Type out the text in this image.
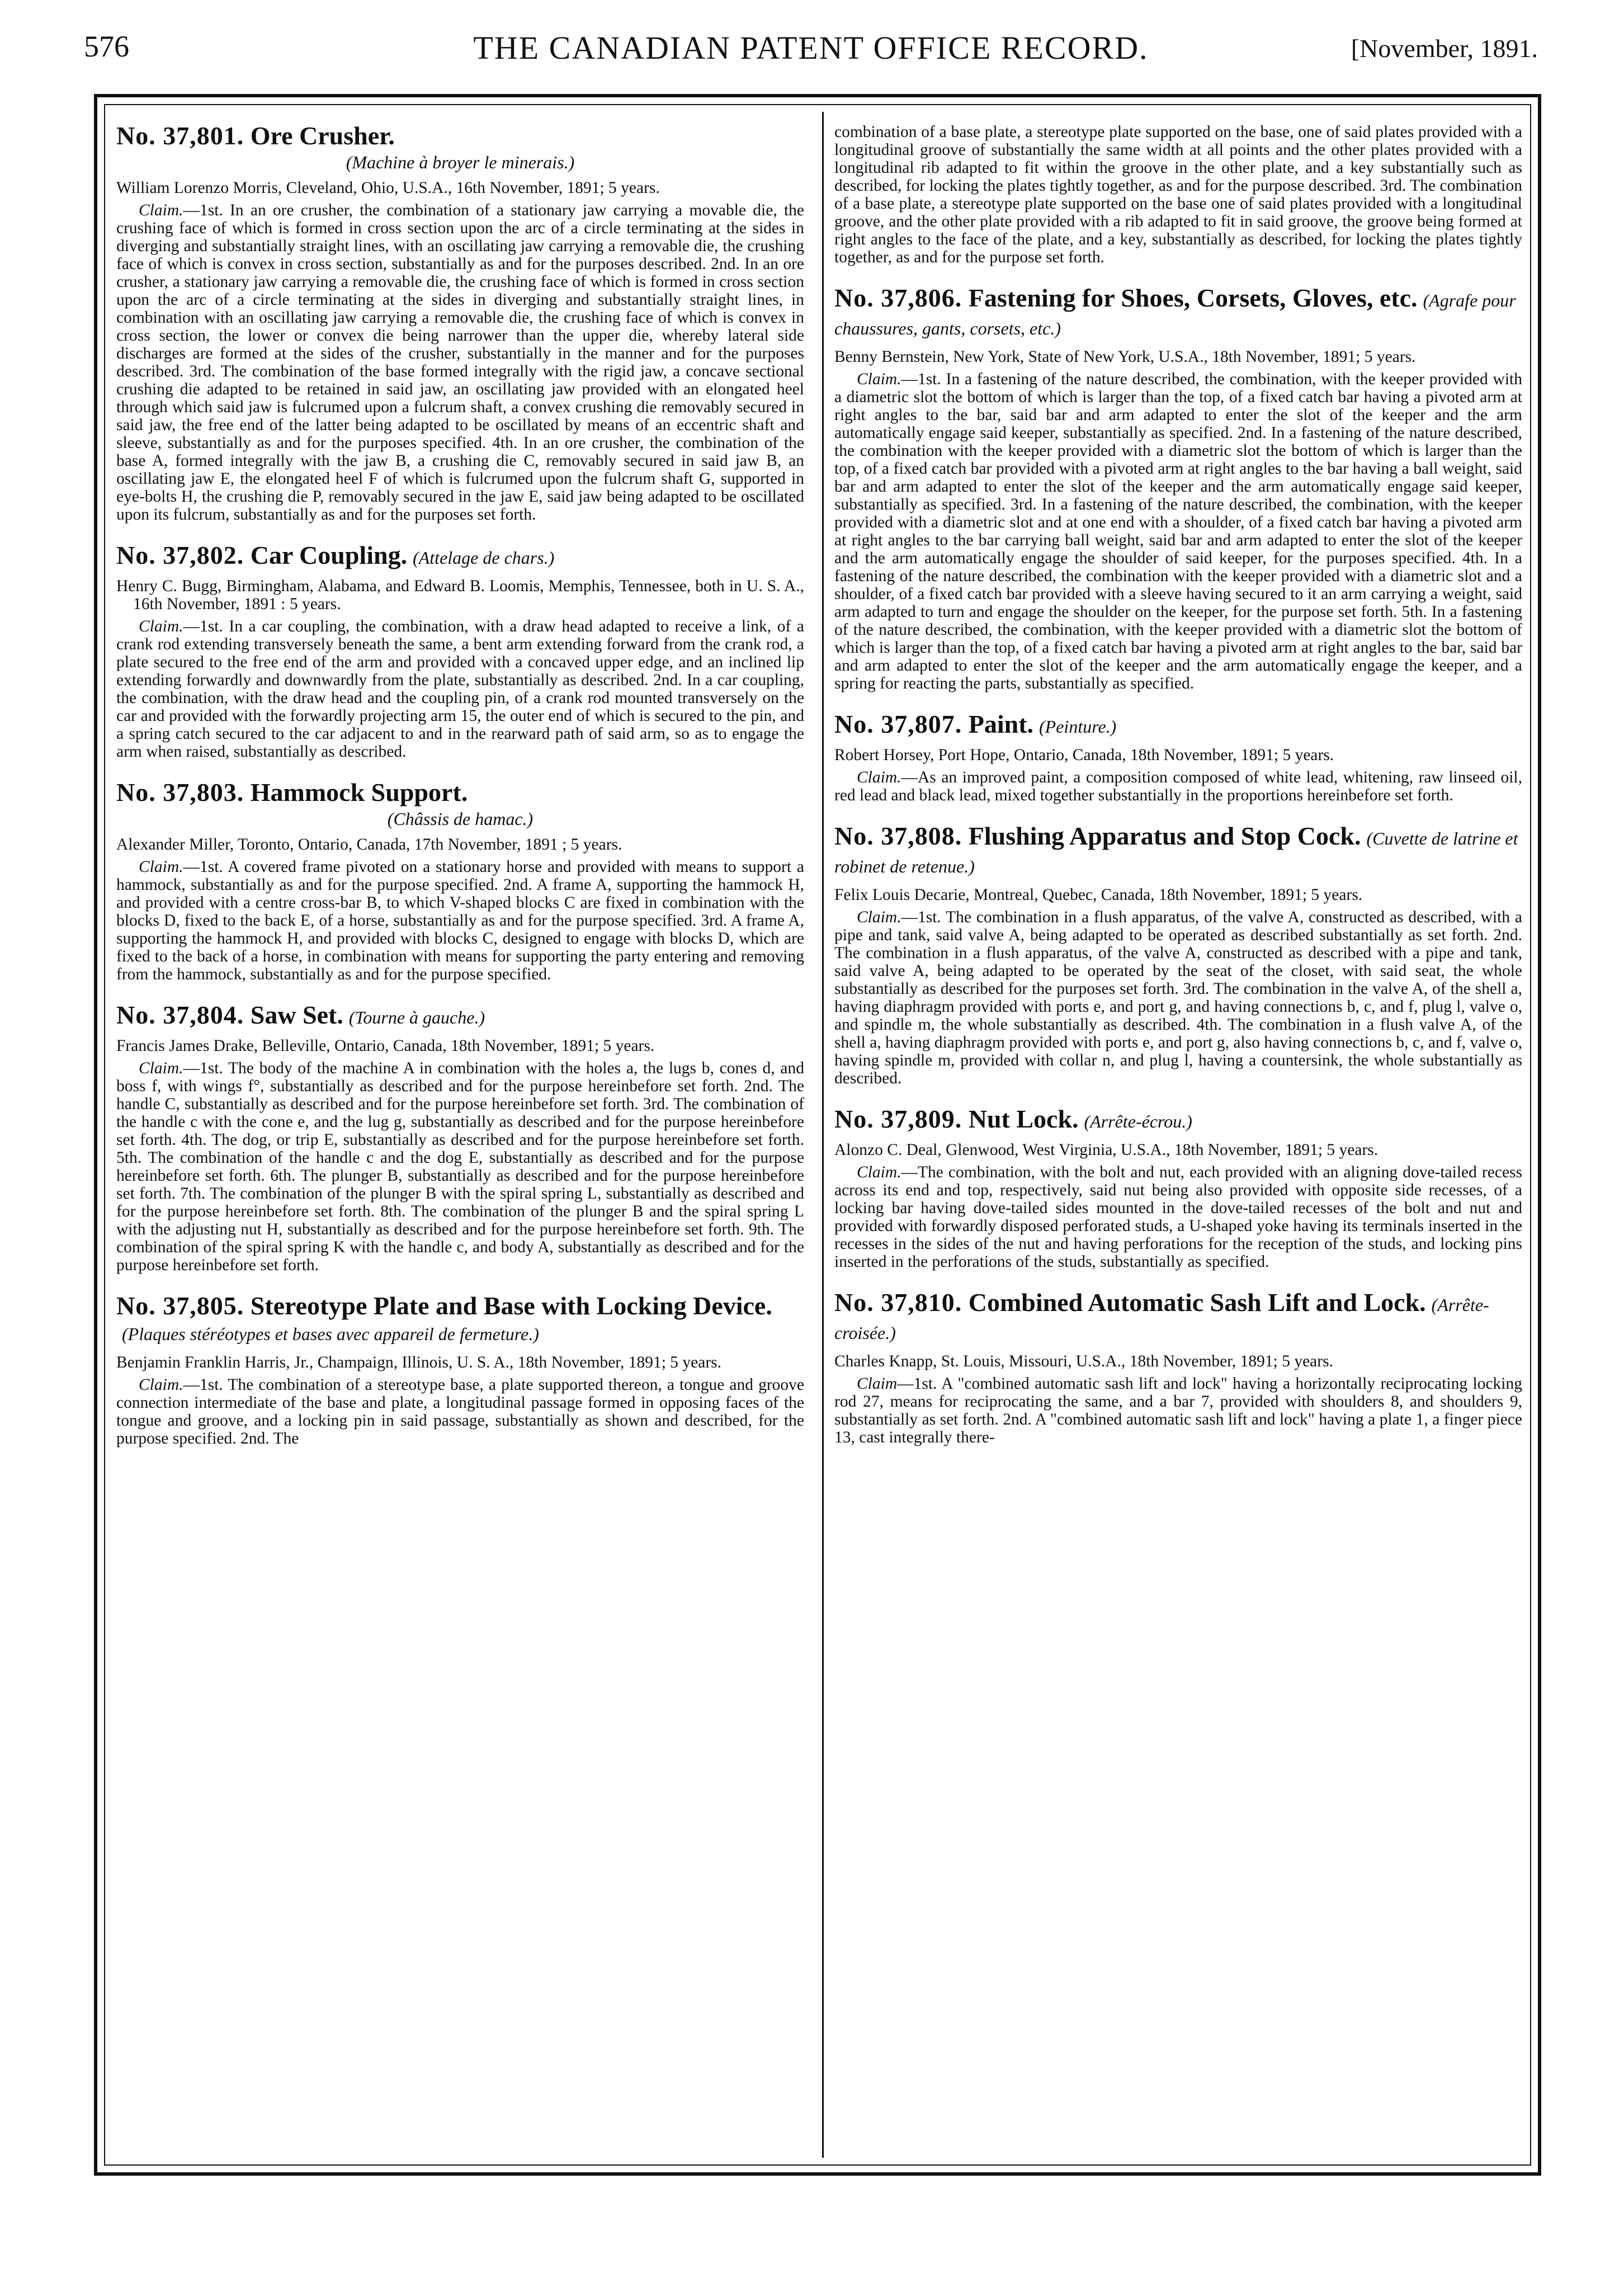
576	THE CANADIAN PATENT OFFICE RECORD.	[November, 1891.
No. 37,801. Ore Crusher.
(Machine à broyer le minerais.)

William Lorenzo Morris, Cleveland, Ohio, U.S.A., 16th November, 1891; 5 years.

Claim.—1st. In an ore crusher, the combination of a stationary jaw carrying a movable die, the crushing face of which is formed in cross section upon the arc of a circle terminating at the sides in diverging and substantially straight lines, with an oscillating jaw carrying a removable die, the crushing face of which is convex in cross section, substantially as and for the purposes described. 2nd. In an ore crusher, a stationary jaw carrying a removable die, the crushing face of which is formed in cross section upon the arc of a circle terminating at the sides in diverging and substantially straight lines, in combination with an oscillating jaw carrying a removable die, the crushing face of which is convex in cross section, the lower or convex die being narrower than the upper die, whereby lateral side discharges are formed at the sides of the crusher, substantially in the manner and for the purposes described. 3rd. The combination of the base formed integrally with the rigid jaw, a concave sectional crushing die adapted to be retained in said jaw, an oscillating jaw provided with an elongated heel through which said jaw is fulcrumed upon a fulcrum shaft, a convex crushing die removably secured in said jaw, the free end of the latter being adapted to be oscillated by means of an eccentric shaft and sleeve, substantially as and for the purposes specified. 4th. In an ore crusher, the combination of the base A, formed integrally with the jaw B, a crushing die C, removably secured in said jaw B, an oscillating jaw E, the elongated heel F of which is fulcrumed upon the fulcrum shaft G, supported in eye-bolts H, the crushing die P, removably secured in the jaw E, said jaw being adapted to be oscillated upon its fulcrum, substantially as and for the purposes set forth.

No. 37,802. Car Coupling. (Attelage de chars.)

Henry C. Bugg, Birmingham, Alabama, and Edward B. Loomis, Memphis, Tennessee, both in U. S. A., 16th November, 1891 : 5 years.

Claim.—1st. In a car coupling, the combination, with a draw head adapted to receive a link, of a crank rod extending transversely beneath the same, a bent arm extending forward from the crank rod, a plate secured to the free end of the arm and provided with a concaved upper edge, and an inclined lip extending forwardly and downwardly from the plate, substantially as described. 2nd. In a car coupling, the combination, with the draw head and the coupling pin, of a crank rod mounted transversely on the car and provided with the forwardly projecting arm 15, the outer end of which is secured to the pin, and a spring catch secured to the car adjacent to and in the rearward path of said arm, so as to engage the arm when raised, substantially as described.

No. 37,803. Hammock Support.
(Châssis de hamac.)

Alexander Miller, Toronto, Ontario, Canada, 17th November, 1891 ; 5 years.

Claim.—1st. A covered frame pivoted on a stationary horse and provided with means to support a hammock, substantially as and for the purpose specified. 2nd. A frame A, supporting the hammock H, and provided with a centre cross-bar B, to which V-shaped blocks C are fixed in combination with the blocks D, fixed to the back E, of a horse, substantially as and for the purpose specified. 3rd. A frame A, supporting the hammock H, and provided with blocks C, designed to engage with blocks D, which are fixed to the back of a horse, in combination with means for supporting the party entering and removing from the hammock, substantially as and for the purpose specified.

No. 37,804. Saw Set. (Tourne à gauche.)

Francis James Drake, Belleville, Ontario, Canada, 18th November, 1891; 5 years.

Claim.—1st. The body of the machine A in combination with the holes a, the lugs b, cones d, and boss f, with wings f°, substantially as described and for the purpose hereinbefore set forth. 2nd. The handle C, substantially as described and for the purpose hereinbefore set forth. 3rd. The combination of the handle c with the cone e, and the lug g, substantially as described and for the purpose hereinbefore set forth. 4th. The dog, or trip E, substantially as described and for the purpose hereinbefore set forth. 5th. The combination of the handle c and the dog E, substantially as described and for the purpose hereinbefore set forth. 6th. The plunger B, substantially as described and for the purpose hereinbefore set forth. 7th. The combination of the plunger B with the spiral spring L, substantially as described and for the purpose hereinbefore set forth. 8th. The combination of the plunger B and the spiral spring L with the adjusting nut H, substantially as described and for the purpose hereinbefore set forth. 9th. The combination of the spiral spring K with the handle c, and body A, substantially as described and for the purpose hereinbefore set forth.

No. 37,805. Stereotype Plate and Base with Locking Device.(Plaques stéréotypes et bases avec appareil de fermeture.)

Benjamin Franklin Harris, Jr., Champaign, Illinois, U. S. A., 18th November, 1891; 5 years.

Claim.—1st. The combination of a stereotype base, a plate supported thereon, a tongue and groove connection intermediate of the base and plate, a longitudinal passage formed in opposing faces of the tongue and groove, and a locking pin in said passage, substantially as shown and described, for the purpose specified. 2nd. The

combination of a base plate, a stereotype plate supported on the base, one of said plates provided with a longitudinal groove of substantially the same width at all points and the other plates provided with a longitudinal rib adapted to fit within the groove in the other plate, and a key substantially such as described, for locking the plates tightly together, as and for the purpose described. 3rd. The combination of a base plate, a stereotype plate supported on the base one of said plates provided with a longitudinal groove, and the other plate provided with a rib adapted to fit in said groove, the groove being formed at right angles to the face of the plate, and a key, substantially as described, for locking the plates tightly together, as and for the purpose set forth.

No. 37,806. Fastening for Shoes, Corsets, Gloves, etc. (Agrafe pour chaussures, gants, corsets, etc.)

Benny Bernstein, New York, State of New York, U.S.A., 18th November, 1891; 5 years.

Claim.—1st. In a fastening of the nature described, the combination, with the keeper provided with a diametric slot the bottom of which is larger than the top, of a fixed catch bar having a pivoted arm at right angles to the bar, said bar and arm adapted to enter the slot of the keeper and the arm automatically engage said keeper, substantially as specified. 2nd. In a fastening of the nature described, the combination with the keeper provided with a diametric slot the bottom of which is larger than the top, of a fixed catch bar provided with a pivoted arm at right angles to the bar having a ball weight, said bar and arm adapted to enter the slot of the keeper and the arm automatically engage said keeper, substantially as specified. 3rd. In a fastening of the nature described, the combination, with the keeper provided with a diametric slot and at one end with a shoulder, of a fixed catch bar having a pivoted arm at right angles to the bar carrying ball weight, said bar and arm adapted to enter the slot of the keeper and the arm automatically engage the shoulder of said keeper, for the purposes specified. 4th. In a fastening of the nature described, the combination with the keeper provided with a diametric slot and a shoulder, of a fixed catch bar provided with a sleeve having secured to it an arm carrying a weight, said arm adapted to turn and engage the shoulder on the keeper, for the purpose set forth. 5th. In a fastening of the nature described, the combination, with the keeper provided with a diametric slot the bottom of which is larger than the top, of a fixed catch bar having a pivoted arm at right angles to the bar, said bar and arm adapted to enter the slot of the keeper and the arm automatically engage the keeper, and a spring for reacting the parts, substantially as specified.

No. 37,807. Paint. (Peinture.)

Robert Horsey, Port Hope, Ontario, Canada, 18th November, 1891; 5 years.

Claim.—As an improved paint, a composition composed of white lead, whitening, raw linseed oil, red lead and black lead, mixed together substantially in the proportions hereinbefore set forth.

No. 37,808. Flushing Apparatus and Stop Cock. (Cuvette de latrine et robinet de retenue.)

Felix Louis Decarie, Montreal, Quebec, Canada, 18th November, 1891; 5 years.

Claim.—1st. The combination in a flush apparatus, of the valve A, constructed as described, with a pipe and tank, said valve A, being adapted to be operated as described substantially as set forth. 2nd. The combination in a flush apparatus, of the valve A, constructed as described with a pipe and tank, said valve A, being adapted to be operated by the seat of the closet, with said seat, the whole substantially as described for the purposes set forth. 3rd. The combination in the valve A, of the shell a, having diaphragm provided with ports e, and port g, and having connections b, c, and f, plug l, valve o, and spindle m, the whole substantially as described. 4th. The combination in a flush valve A, of the shell a, having diaphragm provided with ports e, and port g, also having connections b, c, and f, valve o, having spindle m, provided with collar n, and plug l, having a countersink, the whole substantially as described.

No. 37,809. Nut Lock. (Arrête-écrou.)

Alonzo C. Deal, Glenwood, West Virginia, U.S.A., 18th November, 1891; 5 years.

Claim.—The combination, with the bolt and nut, each provided with an aligning dove-tailed recess across its end and top, respectively, said nut being also provided with opposite side recesses, of a locking bar having dove-tailed sides mounted in the dove-tailed recesses of the bolt and nut and provided with forwardly disposed perforated studs, a U-shaped yoke having its terminals inserted in the recesses in the sides of the nut and having perforations for the reception of the studs, and locking pins inserted in the perforations of the studs, substantially as specified.

No. 37,810. Combined Automatic Sash Lift and Lock. (Arrête-croisée.)

Charles Knapp, St. Louis, Missouri, U.S.A., 18th November, 1891; 5 years.

Claim—1st. A "combined automatic sash lift and lock" having a horizontally reciprocating locking rod 27, means for reciprocating the same, and a bar 7, provided with shoulders 8, and shoulders 9, substantially as set forth. 2nd. A "combined automatic sash lift and lock" having a plate 1, a finger piece 13, cast integrally there-
